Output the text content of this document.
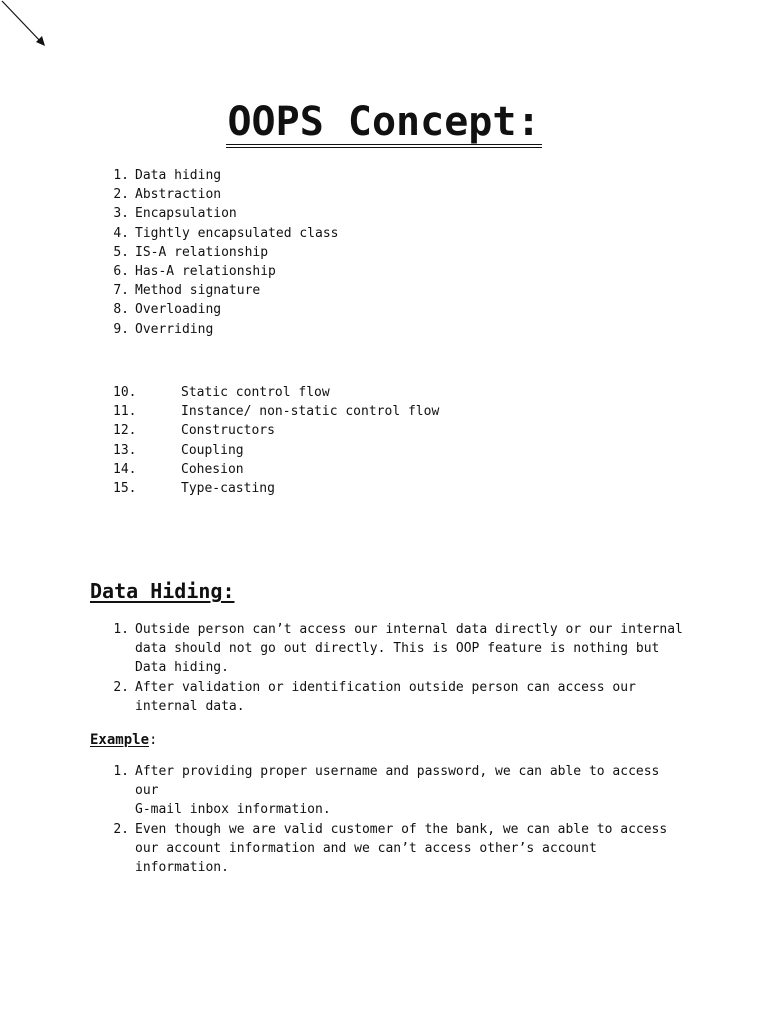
OOPS Concept:
1. Data hiding
2. Abstraction
3. Encapsulation
4. Tightly encapsulated class
5. IS-A relationship
6. Has-A relationship
7. Method signature
8. Overloading
9. Overriding
10.	Static control flow
11.	Instance/ non-static control flow
12.	Constructors
13.	Coupling
14.	Cohesion
15.	Type-casting
Data Hiding:
1. Outside person can’t access our internal data directly or our internal
data should not go out directly. This is OOP feature is nothing but
Data hiding.
2. After validation or identification outside person can access our
internal data.
Example:
1. After providing proper username and password, we can able to access our
G-mail inbox information.
2. Even though we are valid customer of the bank, we can able to access
our account information and we can’t access other’s account
information.
